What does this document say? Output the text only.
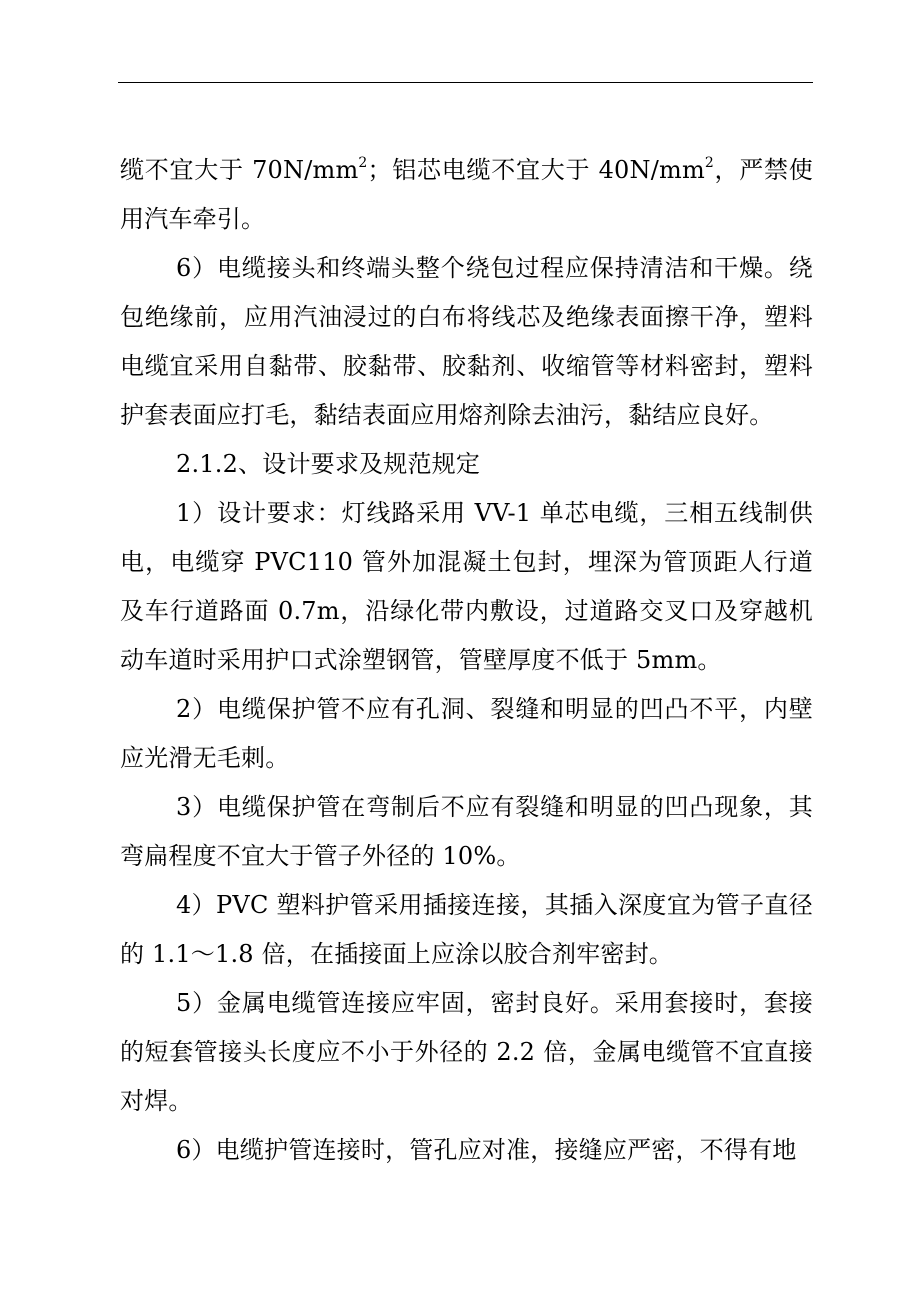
缆不宜大于 $70N/mm^2$；铝芯电缆不宜大于 $40N/mm^2$，严禁使用汽车牵引。

6）电缆接头和终端头整个绕包过程应保持清洁和干燥。绕包绝缘前，应用汽油浸过的白布将线芯及绝缘表面擦干净，塑料电缆宜采用自黏带、胶黏带、胶黏剂、收缩管等材料密封，塑料护套表面应打毛，黏结表面应用熔剂除去油污，黏结应良好。

2.1.2、设计要求及规范规定

1）设计要求：灯线路采用 VV-1 单芯电缆，三相五线制供电，电缆穿 PVC110 管外加混凝土包封，埋深为管顶距人行道及车行道路面 0.7m，沿绿化带内敷设，过道路交叉口及穿越机动车道时采用护口式涂塑钢管，管壁厚度不低于 5mm。

2）电缆保护管不应有孔洞、裂缝和明显的凹凸不平，内壁应光滑无毛刺。

3）电缆保护管在弯制后不应有裂缝和明显的凹凸现象，其弯扁程度不宜大于管子外径的 10%。

4）PVC 塑料护管采用插接连接，其插入深度宜为管子直径的 1.1～1.8 倍，在插接面上应涂以胶合剂牢密封。

5）金属电缆管连接应牢固，密封良好。采用套接时，套接的短套管接头长度应不小于外径的 2.2 倍，金属电缆管不宜直接对焊。

6）电缆护管连接时，管孔应对准，接缝应严密，不得有地
